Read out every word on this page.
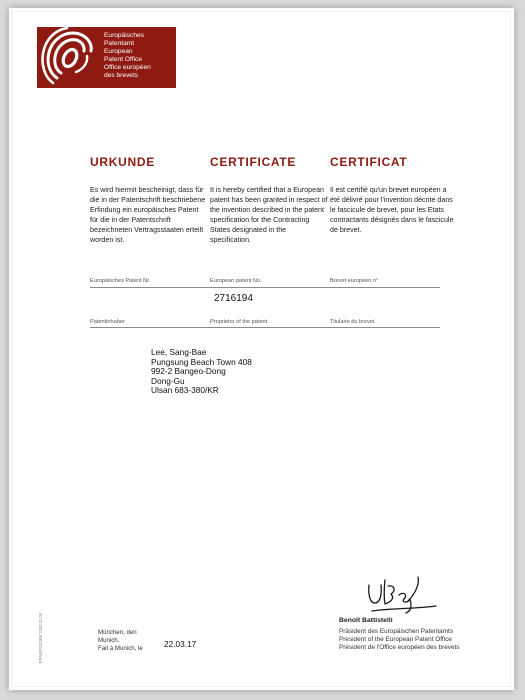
Europäisches
Patentamt
European
Patent Office
Office européen
des brevets
URKUNDE	CERTIFICATE	CERTIFICAT
Es wird hiermit bescheinigt, dass für die in der Patentschrift beschriebene Erfindung ein europäisches Patent für die in der Patentschrift bezeichneten Vertragsstaaten erteilt worden ist.
It is hereby certified that a European patent has been granted in respect of the invention described in the patent specification for the Contracting States designated in the specification.
Il est certifié qu'un brevet européen a été délivré pour l'invention décrite dans le fascicule de brevet, pour les Etats contractants désignés dans le fascicule de brevet.
Europäisches Patent Nr.	European patent No.	Brevet européen n°
2716194
Patentinhaber	Proprietor of the patent	Titulaire du brevet
Lee, Sang-Bae
Pungsung Beach Town 408
992-2 Bangeo-Dong
Dong-Gu
Ulsan 683-380/KR
Benoît Battistelli
Präsident des Europäischen Patentamts
President of the European Patent Office
Président de l'Office européen des brevets
München, den
Munich,
Fait à Munich, le	22.03.17
EPA/EPO/OEB 2030 02.00
